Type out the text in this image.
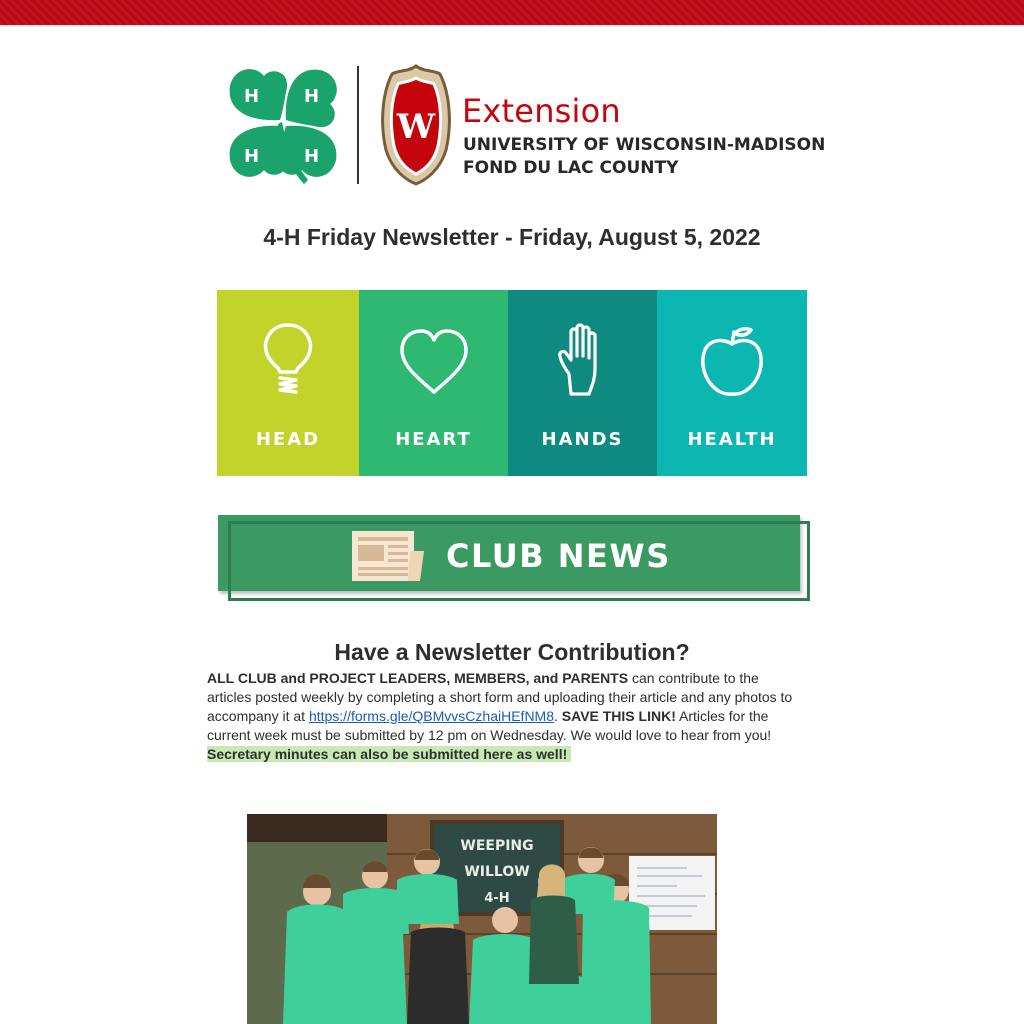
H H
H H
W Extension
UNIVERSITY OF WISCONSIN-MADISON
FOND DU LAC COUNTY
4-H Friday Newsletter - Friday, August 5, 2022
HEAD	HEART	HANDS	HEALTH
CLUB NEWS
Have a Newsletter Contribution?
ALL CLUB and PROJECT LEADERS, MEMBERS, and PARENTS can contribute to the articles posted weekly by completing a short form and uploading their article and any photos to accompany it at https://forms.gle/QBMvvsCzhaiHEfNM8. SAVE THIS LINK! Articles for the current week must be submitted by 12 pm on Wednesday. We would love to hear from you!
Secretary minutes can also be submitted here as well!
WEEPING
WILLOW
4-H
